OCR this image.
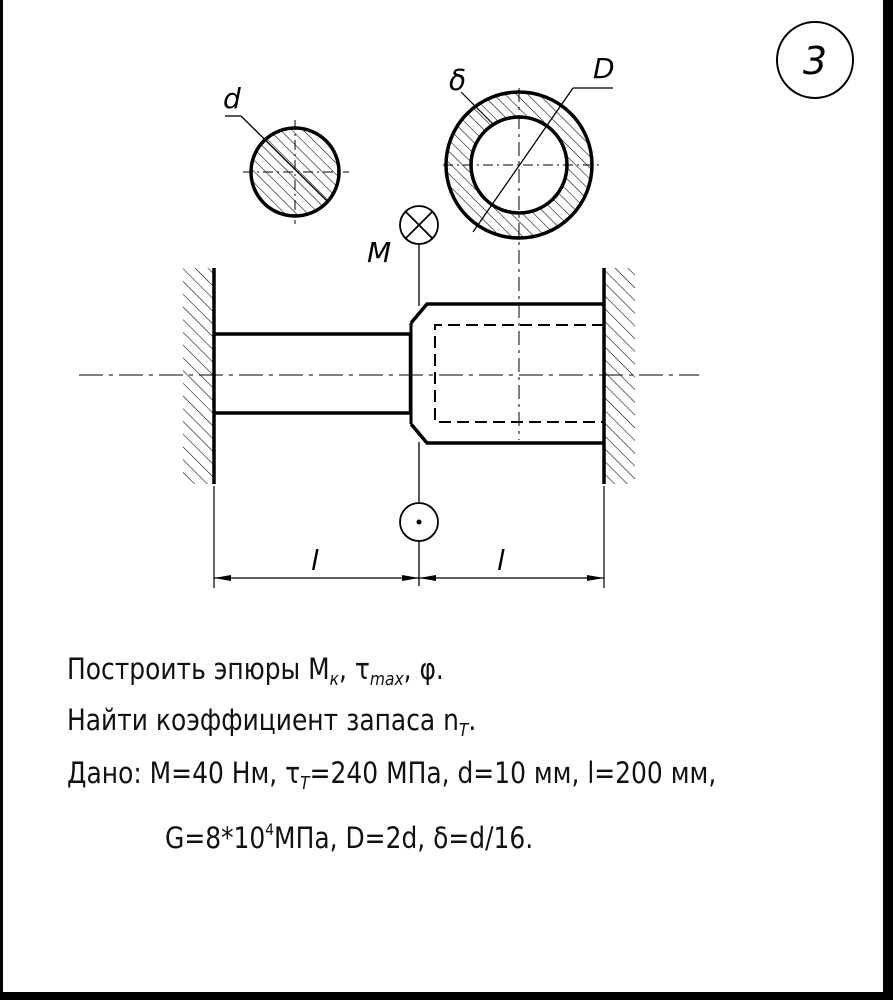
3
d
D
δ
M
l	l
Построить эпюры $M_к$, $\tau_{max}$, φ.
Найти коэффициент запаса $n_T$.
Дано: M=40 Нм, $\tau_T=240$ МПа, d=10 мм, l=200 мм,
$G=8*10^4МПа$, D=2d, δ=d/16.
